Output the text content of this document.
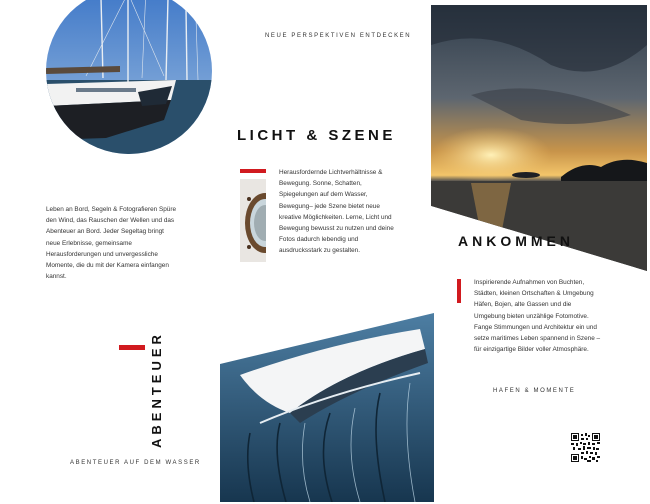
NEUE PERSPEKTIVEN ENTDECKEN
LICHT & SZENE
Herausfordernde Lichtverhältnisse & Bewegung. Sonne, Schatten, Spiegelungen auf dem Wasser, Bewegung– jede Szene bietet neue kreative Möglichkeiten. Lerne, Licht und Bewegung bewusst zu nutzen und deine Fotos dadurch lebendig und ausdrucksstark zu gestalten.
Leben an Bord, Segeln & Fotografieren Spüre den Wind, das Rauschen der Wellen und das Abenteuer an Bord. Jeder Segeltag bringt neue Erlebnisse, gemeinsame Herausforderungen und unvergessliche Momente, die du mit der Kamera einfangen kannst.
ANKOMMEN
Inspirierende Aufnahmen von Buchten, Städten, kleinen Ortschaften & Umgebung Häfen, Bojen, alte Gassen und die Umgebung bieten unzählige Fotomotive. Fange Stimmungen und Architektur ein und setze maritimes Leben spannend in Szene – für einzigartige Bilder voller Atmosphäre.
HAFEN & MOMENTE
ABENTEUER
ABENTEUER AUF DEM WASSER
